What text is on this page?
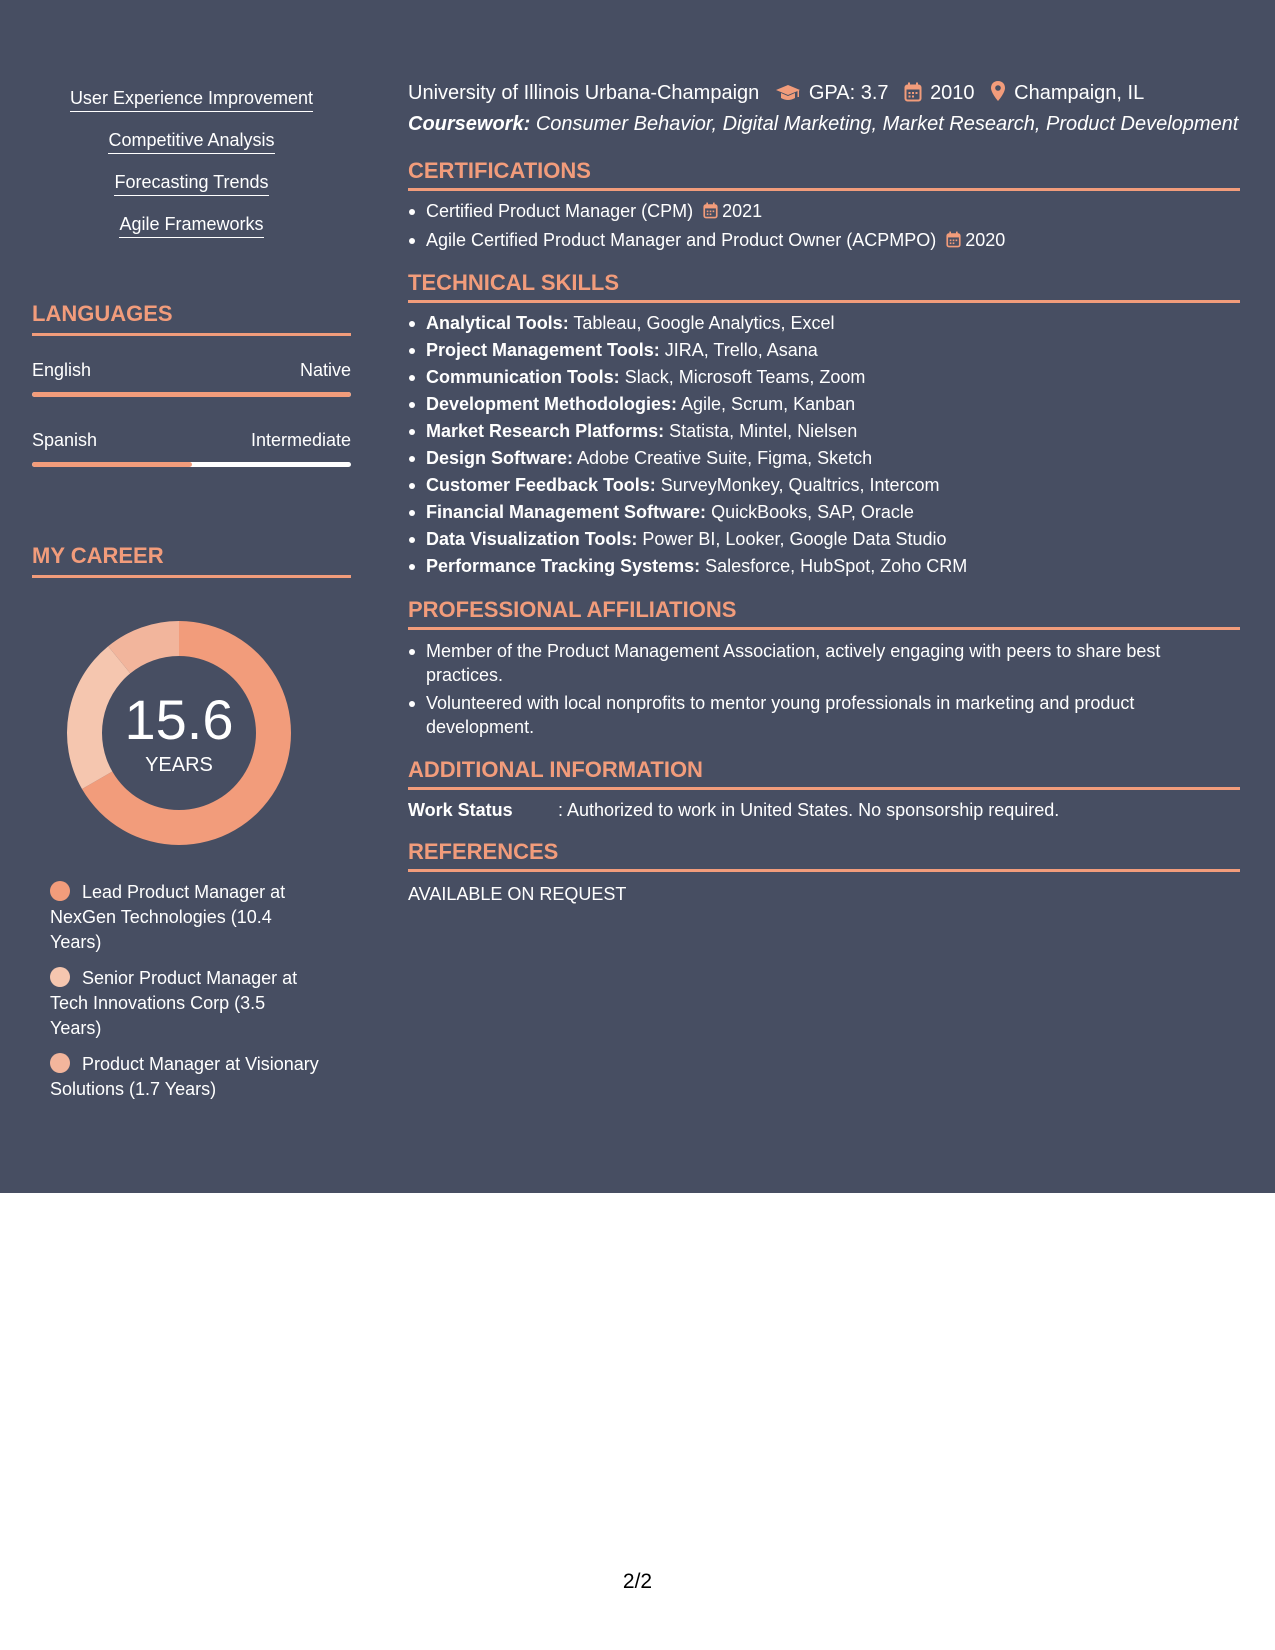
User Experience Improvement
Competitive Analysis
Forecasting Trends
Agile Frameworks
LANGUAGES
English	Native
Spanish	Intermediate
MY CAREER
15.6
YEARS
Lead Product Manager at NexGen Technologies (10.4 Years)
Senior Product Manager at Tech Innovations Corp (3.5 Years)
Product Manager at Visionary Solutions (1.7 Years)
University of Illinois Urbana-Champaign GPA: 3.7 2010 Champaign, IL
Coursework: Consumer Behavior, Digital Marketing, Market Research, Product Development
CERTIFICATIONS
Certified Product Manager (CPM) 2021
Agile Certified Product Manager and Product Owner (ACPMPO) 2020
TECHNICAL SKILLS
Analytical Tools: Tableau, Google Analytics, Excel
Project Management Tools: JIRA, Trello, Asana
Communication Tools: Slack, Microsoft Teams, Zoom
Development Methodologies: Agile, Scrum, Kanban
Market Research Platforms: Statista, Mintel, Nielsen
Design Software: Adobe Creative Suite, Figma, Sketch
Customer Feedback Tools: SurveyMonkey, Qualtrics, Intercom
Financial Management Software: QuickBooks, SAP, Oracle
Data Visualization Tools: Power BI, Looker, Google Data Studio
Performance Tracking Systems: Salesforce, HubSpot, Zoho CRM
PROFESSIONAL AFFILIATIONS
Member of the Product Management Association, actively engaging with peers to share best practices.
Volunteered with local nonprofits to mentor young professionals in marketing and product development.
ADDITIONAL INFORMATION
Work Status	: Authorized to work in United States. No sponsorship required.
REFERENCES
AVAILABLE ON REQUEST
2/2
